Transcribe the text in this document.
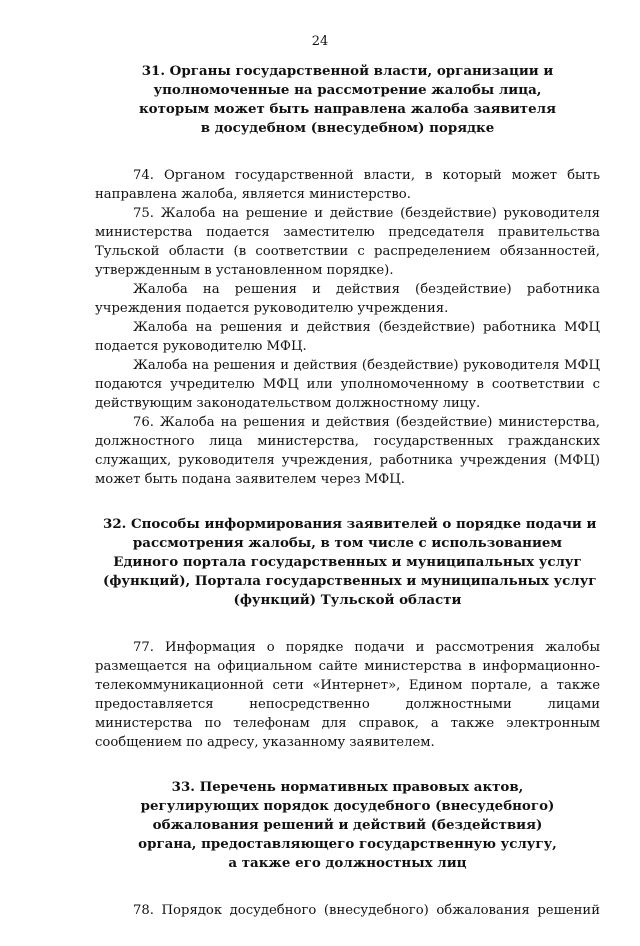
24
31. Органы государственной власти, организации и
уполномоченные на рассмотрение жалобы лица,
которым может быть направлена жалоба заявителя
в досудебном (внесудебном) порядке

74. Органом государственной власти, в который может быть направлена жалоба, является министерство.

75. Жалоба на решение и действие (бездействие) руководителя министерства подается заместителю председателя правительства Тульской области (в соответствии с распределением обязанностей, утвержденным в установленном порядке).

Жалоба на решения и действия (бездействие) работника учреждения подается руководителю учреждения.

Жалоба на решения и действия (бездействие) работника МФЦ подается руководителю МФЦ.

Жалоба на решения и действия (бездействие) руководителя МФЦ подаются учредителю МФЦ или уполномоченному в соответствии с действующим законодательством должностному лицу.

76. Жалоба на решения и действия (бездействие) министерства, должностного лица министерства, государственных гражданских служащих, руководителя учреждения, работника учреждения (МФЦ) может быть подана заявителем через МФЦ.

32. Способы информирования заявителей о порядке подачи и
рассмотрения жалобы, в том числе с использованием
Единого портала государственных и муниципальных услуг
(функций), Портала государственных и муниципальных услуг
(функций) Тульской области

77. Информация о порядке подачи и рассмотрения жалобы размещается на официальном сайте министерства в информационно-телекоммуникационной сети «Интернет», Едином портале, а также предоставляется непосредственно должностными лицами министерства по телефонам для справок, а также электронным сообщением по адресу, указанному заявителем.

33. Перечень нормативных правовых актов,
регулирующих порядок досудебного (внесудебного)
обжалования решений и действий (бездействия)
органа, предоставляющего государственную услугу,
а также его должностных лиц

78. Порядок досудебного (внесудебного) обжалования решений
